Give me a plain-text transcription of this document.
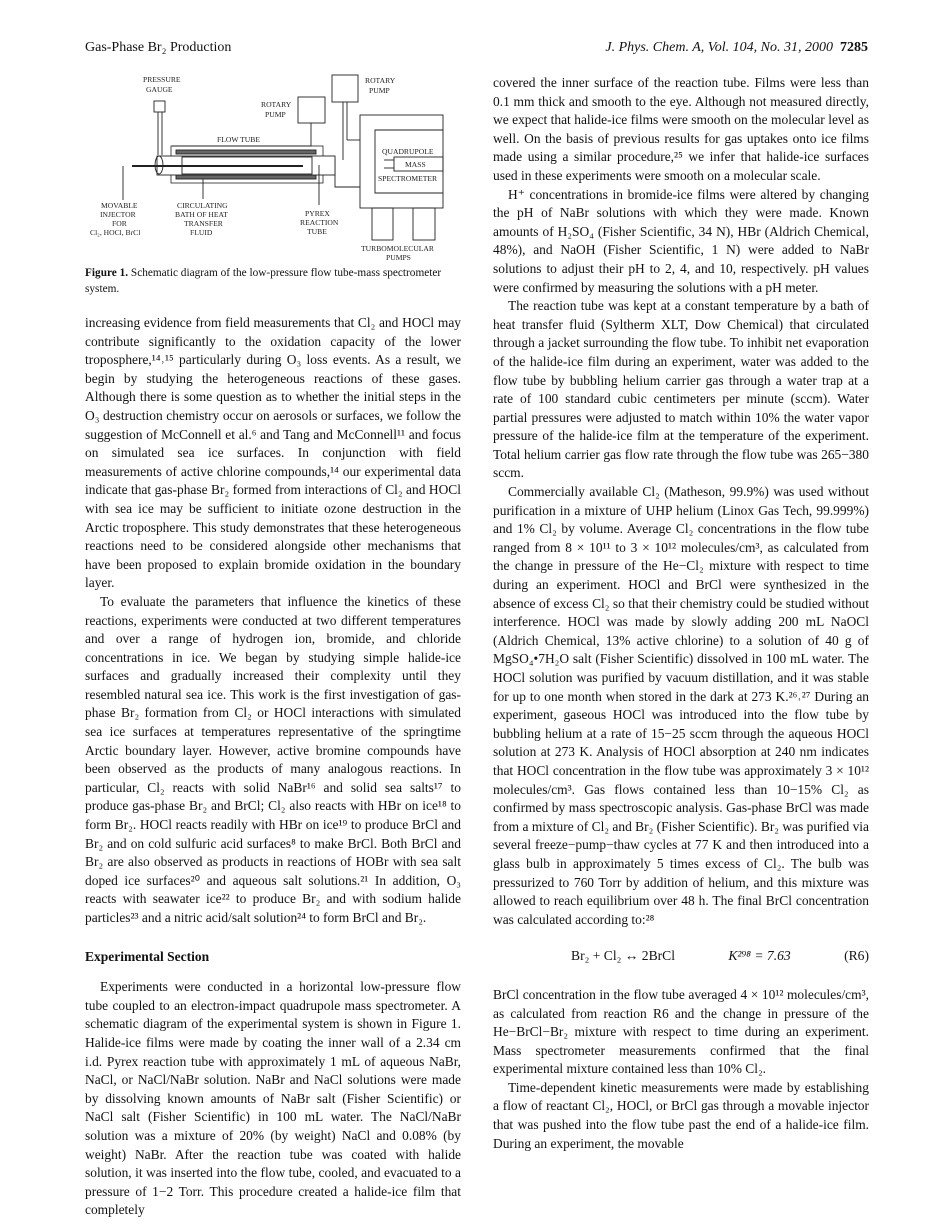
Gas-Phase Br₂ Production	J. Phys. Chem. A, Vol. 104, No. 31, 2000 7285
PRESSURE
GAUGE
ROTARY
PUMP
ROTARY
PUMP
FLOW TUBE
QUADRUPOLE
MASS
SPECTROMETER
MOVABLE
INJECTOR
FOR
Cl₂, HOCl, BrCl
CIRCULATING
BATH OF HEAT
TRANSFER
FLUID
PYREX
REACTION
TUBE
TURBOMOLECULAR
PUMPS
Figure 1. Schematic diagram of the low-pressure flow tube-mass spectrometer system.

increasing evidence from field measurements that Cl₂ and HOCl may contribute significantly to the oxidation capacity of the lower troposphere,¹⁴˒¹⁵ particularly during O₃ loss events. As a result, we begin by studying the heterogeneous reactions of these gases. Although there is some question as to whether the initial steps in the O₃ destruction chemistry occur on aerosols or surfaces, we follow the suggestion of McConnell et al.⁶ and Tang and McConnell¹¹ and focus on simulated sea ice surfaces. In conjunction with field measurements of active chlorine compounds,¹⁴ our experimental data indicate that gas-phase Br₂ formed from interactions of Cl₂ and HOCl with sea ice may be sufficient to initiate ozone destruction in the Arctic troposphere. This study demonstrates that these heterogeneous reactions need to be considered alongside other mechanisms that have been proposed to explain bromide oxidation in the boundary layer.

To evaluate the parameters that influence the kinetics of these reactions, experiments were conducted at two different temperatures and over a range of hydrogen ion, bromide, and chloride concentrations in ice. We began by studying simple halide-ice surfaces and gradually increased their complexity until they resembled natural sea ice. This work is the first investigation of gas-phase Br₂ formation from Cl₂ or HOCl interactions with simulated sea ice surfaces at temperatures representative of the springtime Arctic boundary layer. However, active bromine compounds have been observed as the products of many analogous reactions. In particular, Cl₂ reacts with solid NaBr¹⁶ and solid sea salts¹⁷ to produce gas-phase Br₂ and BrCl; Cl₂ also reacts with HBr on ice¹⁸ to form Br₂. HOCl reacts readily with HBr on ice¹⁹ to produce BrCl and Br₂ and on cold sulfuric acid surfaces⁸ to make BrCl. Both BrCl and Br₂ are also observed as products in reactions of HOBr with sea salt doped ice surfaces²⁰ and aqueous salt solutions.²¹ In addition, O₃ reacts with seawater ice²² to produce Br₂ and with sodium halide particles²³ and a nitric acid/salt solution²⁴ to form BrCl and Br₂.

Experimental Section

Experiments were conducted in a horizontal low-pressure flow tube coupled to an electron-impact quadrupole mass spectrometer. A schematic diagram of the experimental system is shown in Figure 1. Halide-ice films were made by coating the inner wall of a 2.34 cm i.d. Pyrex reaction tube with approximately 1 mL of aqueous NaBr, NaCl, or NaCl/NaBr solution. NaBr and NaCl solutions were made by dissolving known amounts of NaBr salt (Fisher Scientific) or NaCl salt (Fisher Scientific) in 100 mL water. The NaCl/NaBr solution was a mixture of 20% (by weight) NaCl and 0.08% (by weight) NaBr. After the reaction tube was coated with halide solution, it was inserted into the flow tube, cooled, and evacuated to a pressure of 1−2 Torr. This procedure created a halide-ice film that completely

covered the inner surface of the reaction tube. Films were less than 0.1 mm thick and smooth to the eye. Although not measured directly, we expect that halide-ice films were smooth on the molecular level as well. On the basis of previous results for gas uptakes onto ice films made using a similar procedure,²⁵ we infer that halide-ice surfaces used in these experiments were smooth on a molecular scale.

H⁺ concentrations in bromide-ice films were altered by changing the pH of NaBr solutions with which they were made. Known amounts of H₂SO₄ (Fisher Scientific, 34 N), HBr (Aldrich Chemical, 48%), and NaOH (Fisher Scientific, 1 N) were added to NaBr solutions to adjust their pH to 2, 4, and 10, respectively. pH values were confirmed by measuring the solutions with a pH meter.

The reaction tube was kept at a constant temperature by a bath of heat transfer fluid (Syltherm XLT, Dow Chemical) that circulated through a jacket surrounding the flow tube. To inhibit net evaporation of the halide-ice film during an experiment, water was added to the flow tube by bubbling helium carrier gas through a water trap at a rate of 100 standard cubic centimeters per minute (sccm). Water partial pressures were adjusted to match within 10% the water vapor pressure of the halide-ice film at the temperature of the experiment. Total helium carrier gas flow rate through the flow tube was 265−380 sccm.

Commercially available Cl₂ (Matheson, 99.9%) was used without purification in a mixture of UHP helium (Linox Gas Tech, 99.999%) and 1% Cl₂ by volume. Average Cl₂ concentrations in the flow tube ranged from 8 × 10¹¹ to 3 × 10¹² molecules/cm³, as calculated from the change in pressure of the He−Cl₂ mixture with respect to time during an experiment. HOCl and BrCl were synthesized in the absence of excess Cl₂ so that their chemistry could be studied without interference. HOCl was made by slowly adding 200 mL NaOCl (Aldrich Chemical, 13% active chlorine) to a solution of 40 g of MgSO₄•7H₂O salt (Fisher Scientific) dissolved in 100 mL water. The HOCl solution was purified by vacuum distillation, and it was stable for up to one month when stored in the dark at 273 K.²⁶˒²⁷ During an experiment, gaseous HOCl was introduced into the flow tube by bubbling helium at a rate of 15−25 sccm through the aqueous HOCl solution at 273 K. Analysis of HOCl absorption at 240 nm indicates that HOCl concentration in the flow tube was approximately 3 × 10¹² molecules/cm³. Gas flows contained less than 10−15% Cl₂ as confirmed by mass spectroscopic analysis. Gas-phase BrCl was made from a mixture of Cl₂ and Br₂ (Fisher Scientific). Br₂ was purified via several freeze−pump−thaw cycles at 77 K and then introduced into a glass bulb in approximately 5 times excess of Cl₂. The bulb was pressurized to 760 Torr by addition of helium, and this mixture was allowed to reach equilibrium over 48 h. The final BrCl concentration was calculated according to:²⁸

Br₂ + Cl₂ ↔ 2BrCl	K²⁹⁸ = 7.63	(R6)

BrCl concentration in the flow tube averaged 4 × 10¹² molecules/cm³, as calculated from reaction R6 and the change in pressure of the He−BrCl−Br₂ mixture with respect to time during an experiment. Mass spectrometer measurements confirmed that the final experimental mixture contained less than 10% Cl₂.

Time-dependent kinetic measurements were made by establishing a flow of reactant Cl₂, HOCl, or BrCl gas through a movable injector that was pushed into the flow tube past the end of a halide-ice film. During an experiment, the movable
